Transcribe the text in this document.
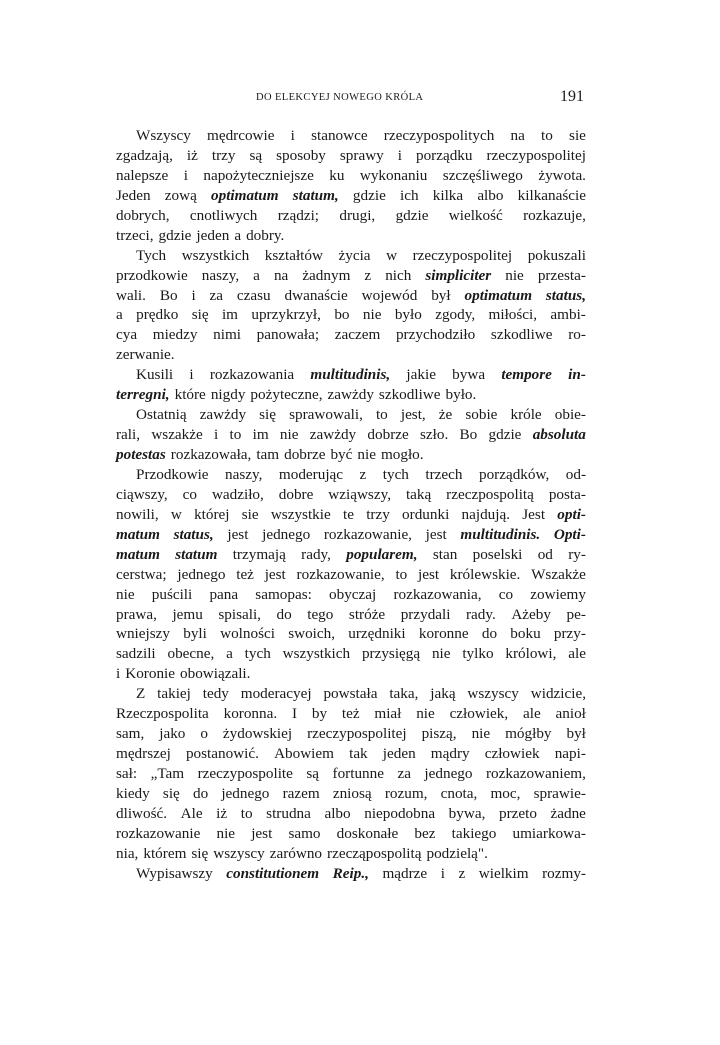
DO ELEKCYEJ NOWEGO KRÓLA	191
Wszyscy mędrcowie i stanowce rzeczypospolitych na to sie
zgadzają, iż trzy są sposoby sprawy i porządku rzeczypospolitej
nalepsze i napożyteczniejsze ku wykonaniu szczęśliwego żywota.
Jeden zową optimatum statum, gdzie ich kilka albo kilkanaście
dobrych, cnotliwych rządzi; drugi, gdzie wielkość rozkazuje,
trzeci, gdzie jeden a dobry.
Tych wszystkich kształtów życia w rzeczypospolitej pokuszali
przodkowie naszy, a na żadnym z nich simpliciter nie przesta-
wali. Bo i za czasu dwanaście wojewód był optimatum status,
a prędko się im uprzykrzył, bo nie było zgody, miłości, ambi-
cya miedzy nimi panowała; zaczem przychodziło szkodliwe ro-
zerwanie.
Kusili i rozkazowania multitudinis, jakie bywa tempore in-
terregni, które nigdy pożyteczne, zawżdy szkodliwe było.
Ostatnią zawżdy się sprawowali, to jest, że sobie króle obie-
rali, wszakże i to im nie zawżdy dobrze szło. Bo gdzie absoluta
potestas rozkazowała, tam dobrze być nie mogło.
Przodkowie naszy, moderując z tych trzech porządków, od-
ciąwszy, co wadziło, dobre wziąwszy, taką rzeczpospolitą posta-
nowili, w której sie wszystkie te trzy ordunki najdują. Jest opti-
matum status, jest jednego rozkazowanie, jest multitudinis. Opti-
matum statum trzymają rady, popularem, stan poselski od ry-
cerstwa; jednego też jest rozkazowanie, to jest królewskie. Wszakże
nie puścili pana samopas: obyczaj rozkazowania, co zowiemy
prawa, jemu spisali, do tego stróże przydali rady. Ażeby pe-
wniejszy byli wolności swoich, urzędniki koronne do boku przy-
sadzili obecne, a tych wszystkich przysięgą nie tylko królowi, ale
i Koronie obowiązali.
Z takiej tedy moderacyej powstała taka, jaką wszyscy widzicie,
Rzeczpospolita koronna. I by też miał nie człowiek, ale anioł
sam, jako o żydowskiej rzeczypospolitej piszą, nie mógłby był
mędrszej postanowić. Abowiem tak jeden mądry człowiek napi-
sał: „Tam rzeczypospolite są fortunne za jednego rozkazowaniem,
kiedy się do jednego razem zniosą rozum, cnota, moc, sprawie-
dliwość. Ale iż to strudna albo niepodobna bywa, przeto żadne
rozkazowanie nie jest samo doskonałe bez takiego umiarkowa-
nia, którem się wszyscy zarówno rzecząpospolitą podzielą".
Wypisawszy constitutionem Reip., mądrze i z wielkim rozmy-
